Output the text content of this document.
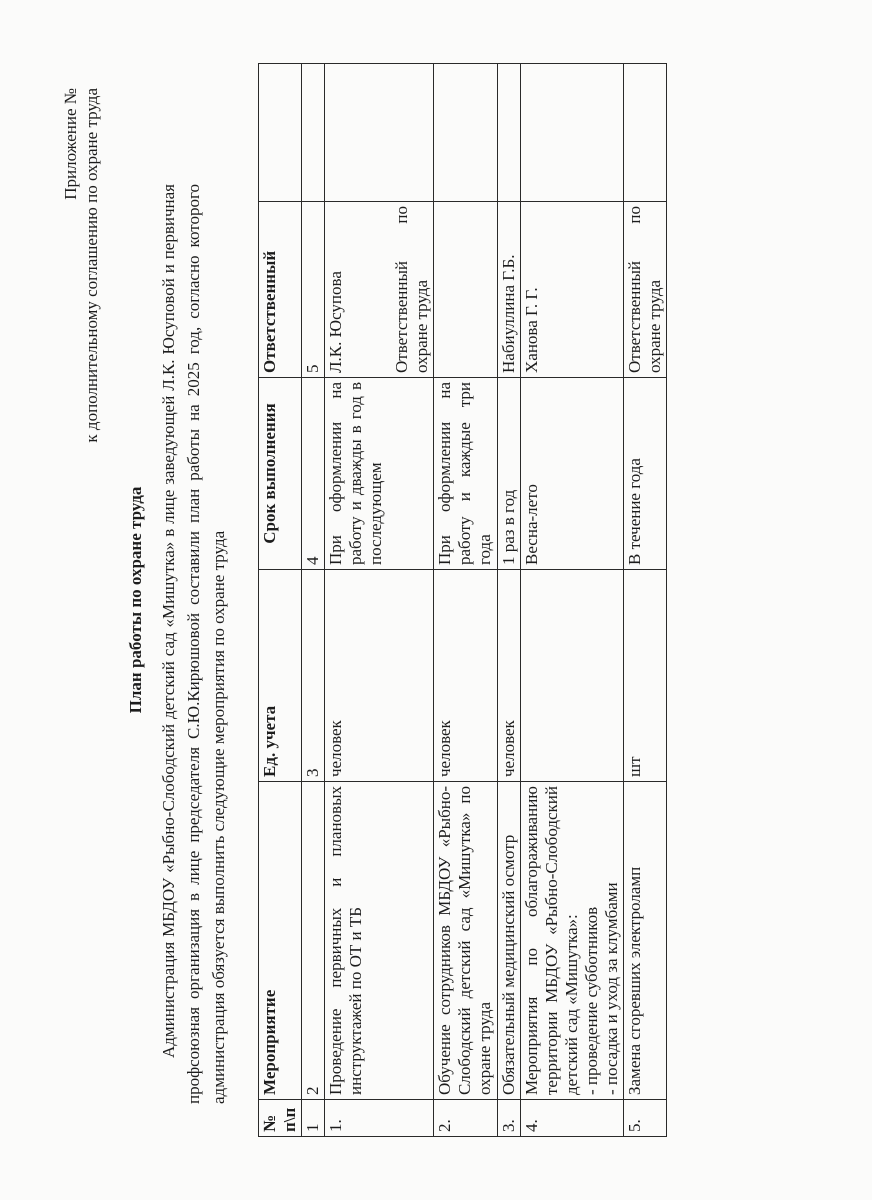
Приложение № к дополнительному соглашению по охране труда
План работы по охране труда Администрация МБДОУ «Рыбно-Слободский детский сад «Мишутка» в лице заведующей Л.К. Юсуповой и первичная профсоюзная организация в лице председателя С.Ю.Кирюшовой составили план работы на 2025 год, согласно которого администрация обязуется выполнить следующие мероприятия по охране труда
№ п\п	Мероприятие	Ед. учета	Срок выполнения	Ответственный	
1	2	3	4	5	
1.	Проведение первичных и плановых инструктажей по ОТ и ТБ	человек	При оформлении на работу и дважды в год в последующем	Л.К. Юсупова Ответственный по охране труда	

2.	Обучение сотрудников МБДОУ «Рыбно-Слободский детский сад «Мишутка» по охране труда	человек	При оформлении на работу и каждые три года		
3.	Обязательный медицинский осмотр	человек	1 раз в год	Набиуллина Г.Б.	
4.	Мероприятия по облагораживанию территории МБДОУ «Рыбно-Слободский детский сад «Мишутка»: - проведение субботников - посадка и уход за клумбами		Весна-лето	Ханова Г. Г.	
5.	Замена сгоревших электроламп	шт	В течение года	Ответственный по охране труда	
